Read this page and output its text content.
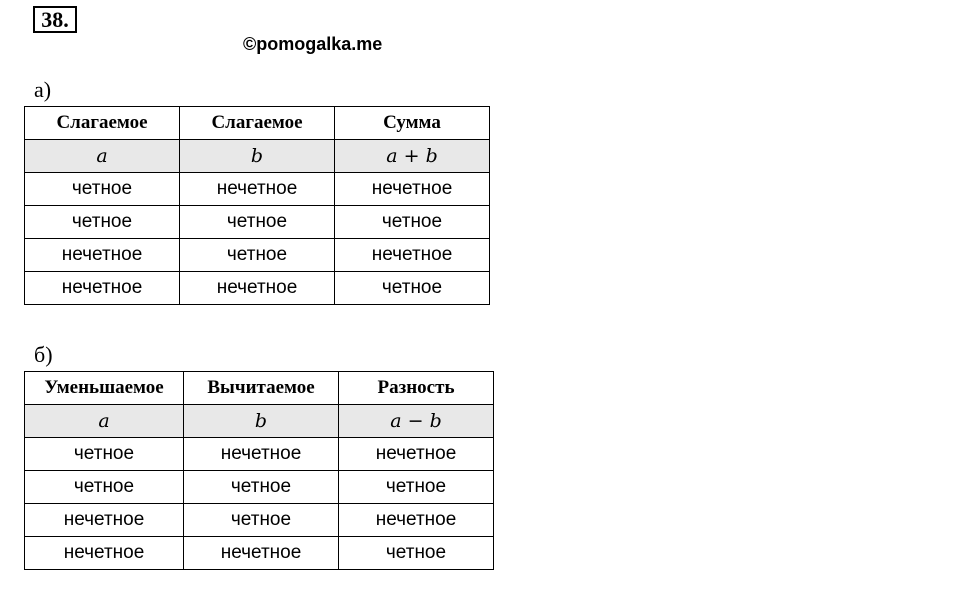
38.
©pomogalka.me
а)
Слагаемое	Слагаемое	Сумма
a	b	a + b
четное	нечетное	нечетное
четное	четное	четное
нечетное	четное	нечетное
нечетное	нечетное	четное
б)
Уменьшаемое	Вычитаемое	Разность
a	b	a − b
четное	нечетное	нечетное
четное	четное	четное
нечетное	четное	нечетное
нечетное	нечетное	четное
